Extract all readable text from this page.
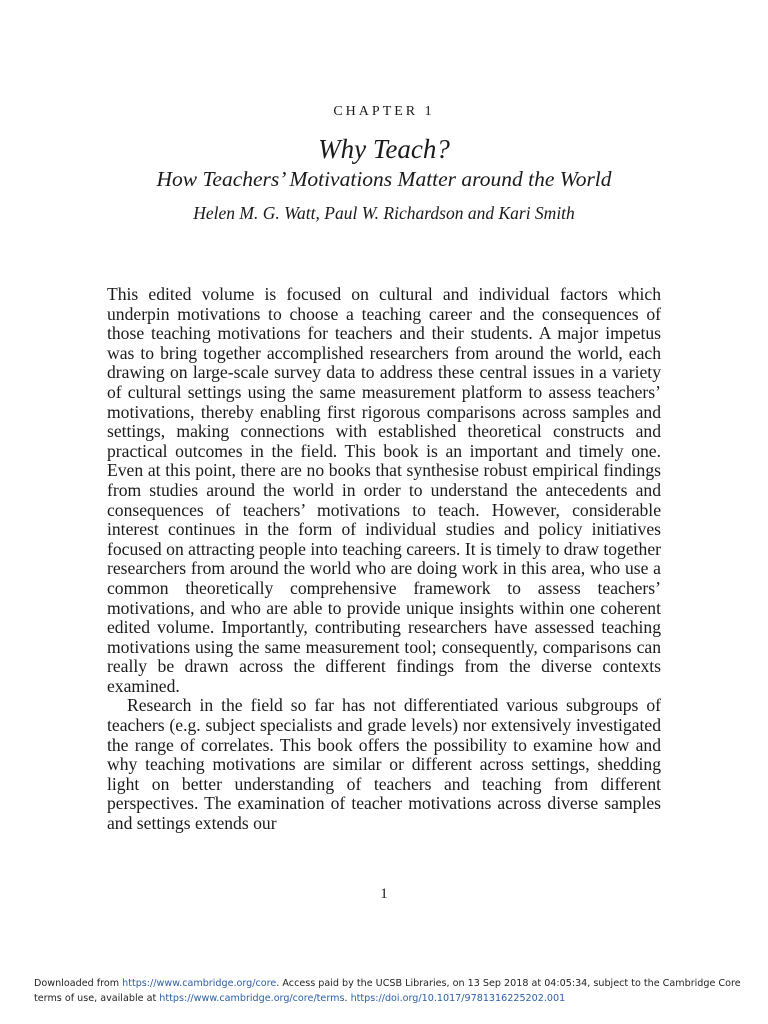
CHAPTER 1
Why Teach?
How Teachers’ Motivations Matter around the World
Helen M. G. Watt, Paul W. Richardson and Kari Smith

This edited volume is focused on cultural and individual factors which underpin motivations to choose a teaching career and the consequences of those teaching motivations for teachers and their students. A major impetus was to bring together accomplished researchers from around the world, each drawing on large-scale survey data to address these central issues in a variety of cultural settings using the same measurement platform to assess teachers’ motivations, thereby enabling first rigorous comparisons across samples and settings, making connections with established theoretical constructs and practical outcomes in the field. This book is an important and timely one. Even at this point, there are no books that synthesise robust empirical findings from studies around the world in order to understand the antecedents and consequences of teachers’ motivations to teach. However, considerable interest continues in the form of individual studies and policy initiatives focused on attracting people into teaching careers. It is timely to draw together researchers from around the world who are doing work in this area, who use a common theoretically comprehensive framework to assess teachers’ motivations, and who are able to provide unique insights within one coherent edited volume. Importantly, contributing researchers have assessed teaching motivations using the same measurement tool; consequently, comparisons can really be drawn across the different findings from the diverse contexts examined.

Research in the field so far has not differentiated various subgroups of teachers (e.g. subject specialists and grade levels) nor extensively investigated the range of correlates. This book offers the possibility to examine how and why teaching motivations are similar or different across settings, shedding light on better understanding of teachers and teaching from different perspectives. The examination of teacher motivations across diverse samples and settings extends our

1
Downloaded from https://www.cambridge.org/core. Access paid by the UCSB Libraries, on 13 Sep 2018 at 04:05:34, subject to the Cambridge Core terms of use, available at https://www.cambridge.org/core/terms. https://doi.org/10.1017/9781316225202.001
